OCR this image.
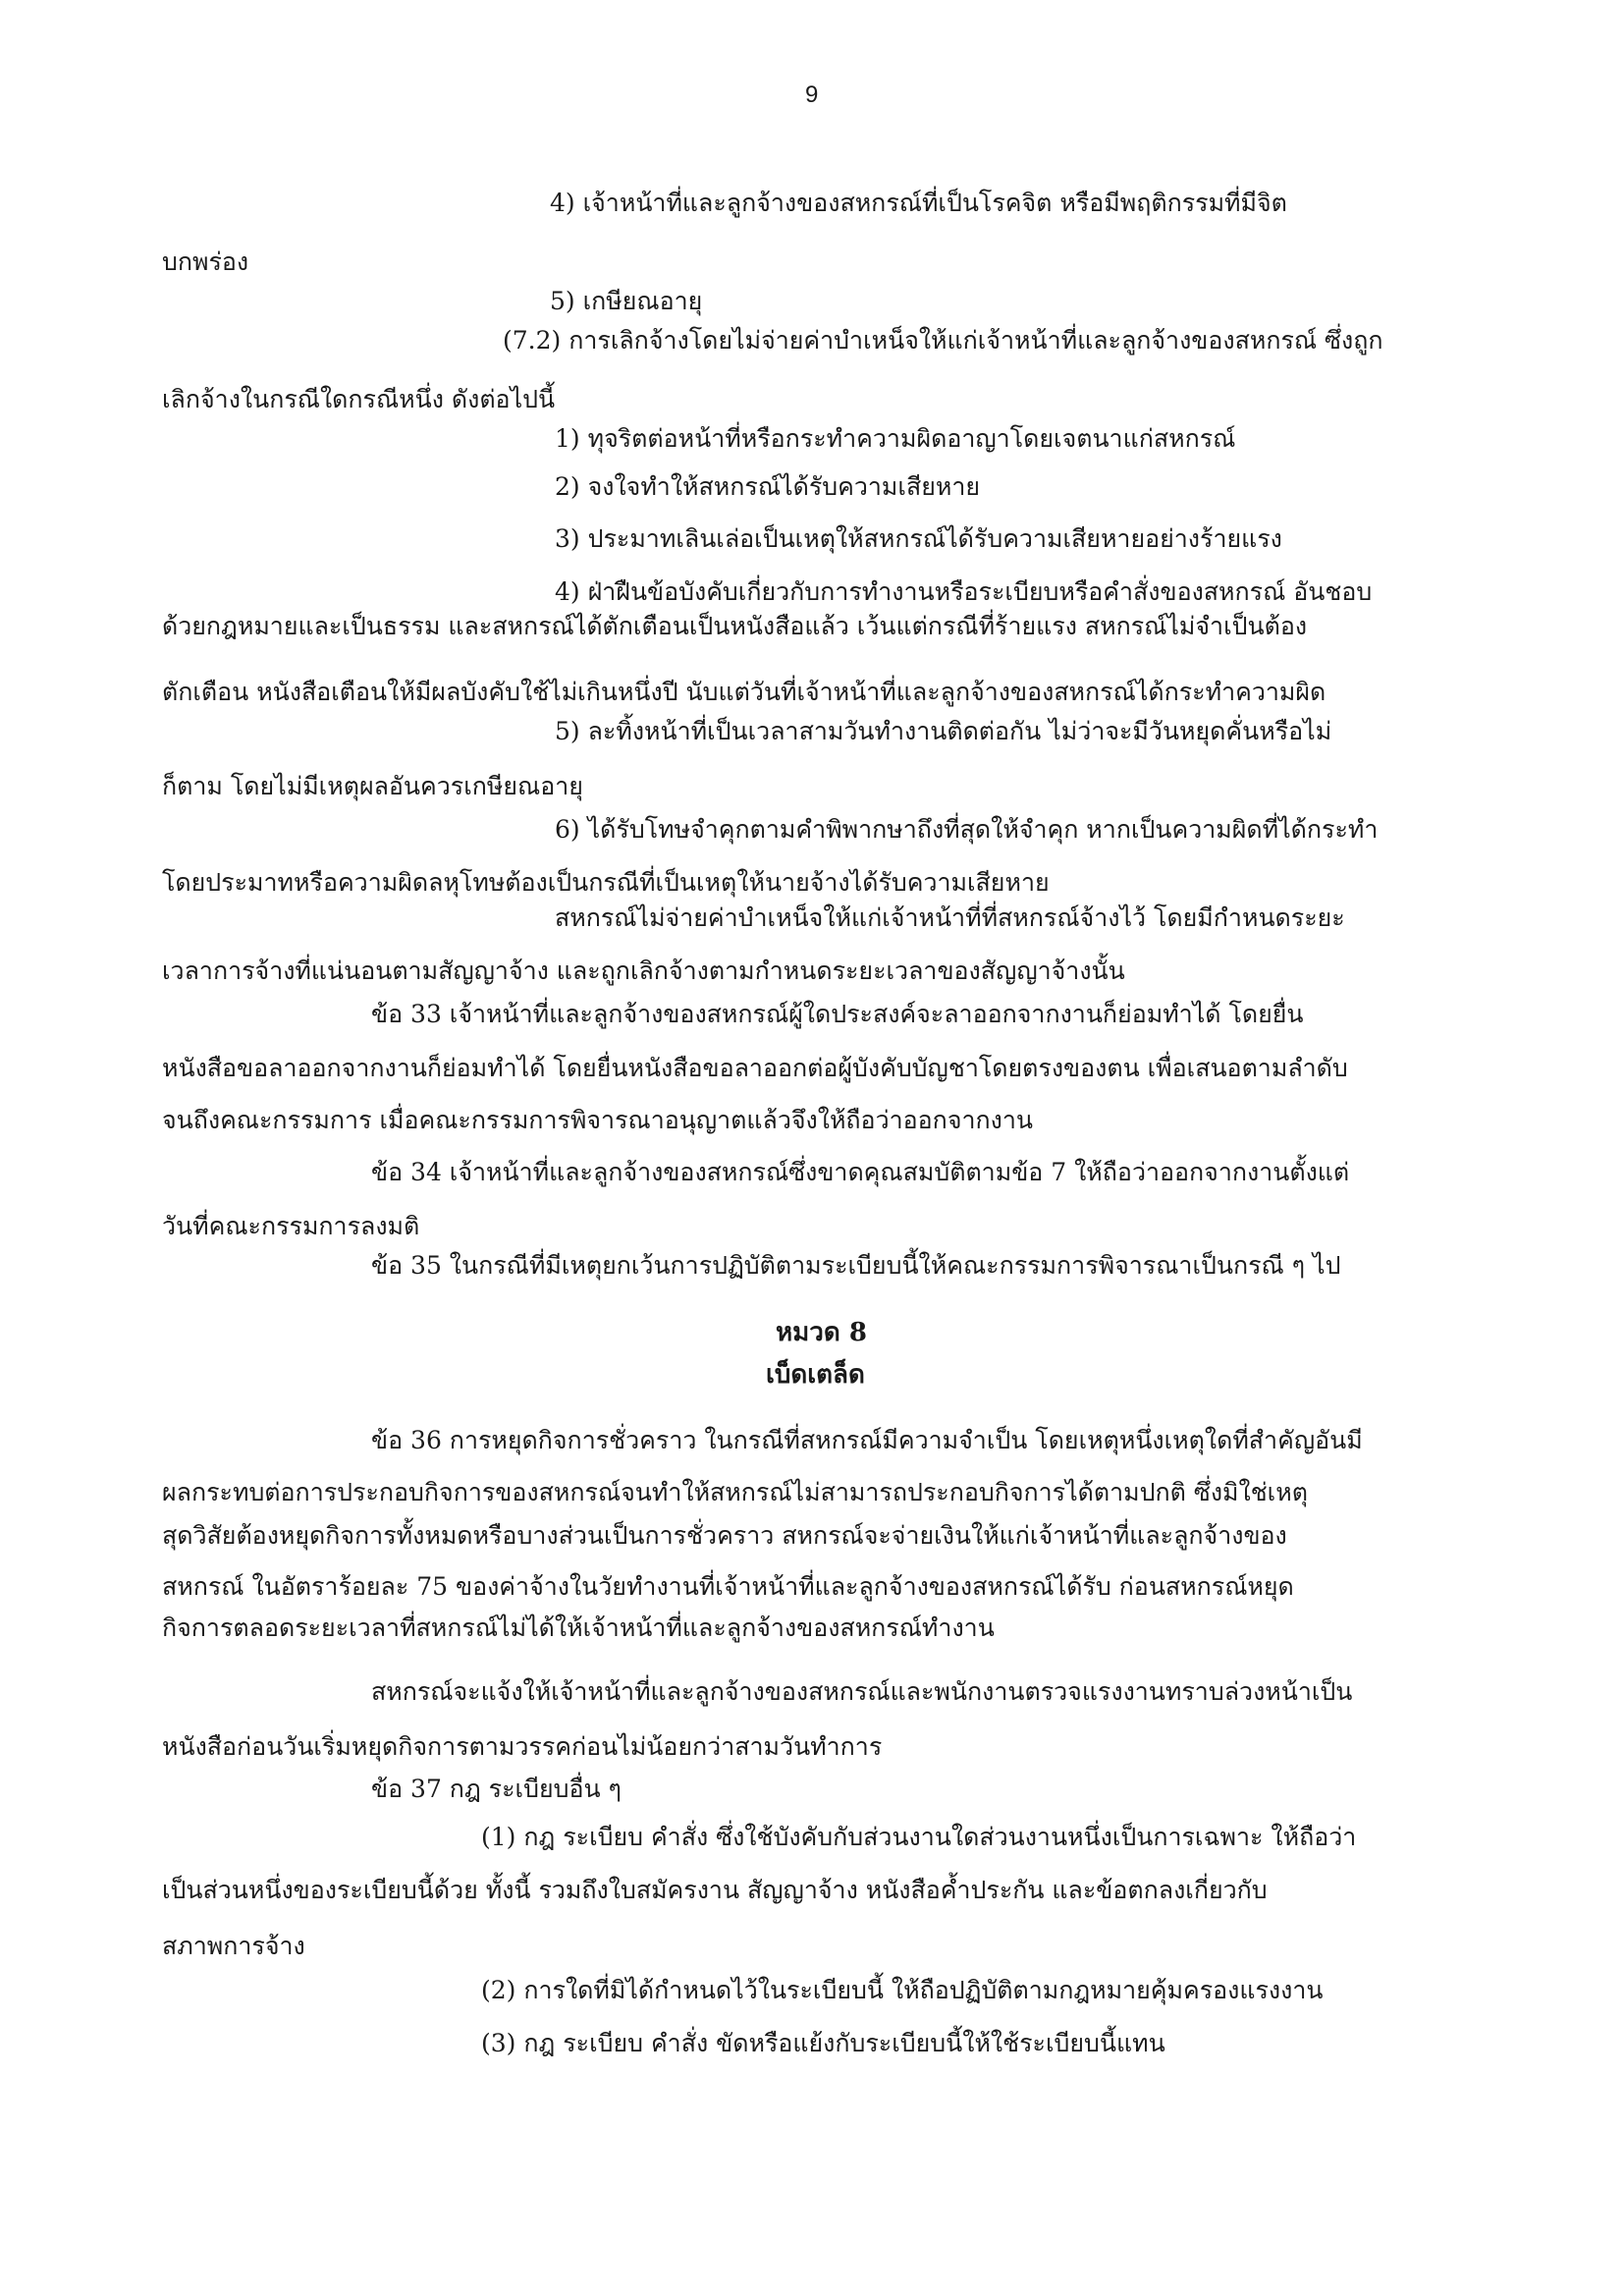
9
4) เจ้าหน้าที่และลูกจ้างของสหกรณ์ที่เป็นโรคจิต หรือมีพฤติกรรมที่มีจิต
บกพร่อง
5) เกษียณอายุ
(7.2) การเลิกจ้างโดยไม่จ่ายค่าบำเหน็จให้แก่เจ้าหน้าที่และลูกจ้างของสหกรณ์ ซึ่งถูก
เลิกจ้างในกรณีใดกรณีหนึ่ง ดังต่อไปนี้
1) ทุจริตต่อหน้าที่หรือกระทำความผิดอาญาโดยเจตนาแก่สหกรณ์
2) จงใจทำให้สหกรณ์ได้รับความเสียหาย
3) ประมาทเลินเล่อเป็นเหตุให้สหกรณ์ได้รับความเสียหายอย่างร้ายแรง
4) ฝ่าฝืนข้อบังคับเกี่ยวกับการทำงานหรือระเบียบหรือคำสั่งของสหกรณ์ อันชอบ
ด้วยกฎหมายและเป็นธรรม และสหกรณ์ได้ตักเตือนเป็นหนังสือแล้ว เว้นแต่กรณีที่ร้ายแรง สหกรณ์ไม่จำเป็นต้อง
ตักเตือน หนังสือเตือนให้มีผลบังคับใช้ไม่เกินหนึ่งปี นับแต่วันที่เจ้าหน้าที่และลูกจ้างของสหกรณ์ได้กระทำความผิด
5) ละทิ้งหน้าที่เป็นเวลาสามวันทำงานติดต่อกัน ไม่ว่าจะมีวันหยุดคั่นหรือไม่
ก็ตาม โดยไม่มีเหตุผลอันควรเกษียณอายุ
6) ได้รับโทษจำคุกตามคำพิพากษาถึงที่สุดให้จำคุก หากเป็นความผิดที่ได้กระทำ
โดยประมาทหรือความผิดลหุโทษต้องเป็นกรณีที่เป็นเหตุให้นายจ้างได้รับความเสียหาย
สหกรณ์ไม่จ่ายค่าบำเหน็จให้แก่เจ้าหน้าที่ที่สหกรณ์จ้างไว้ โดยมีกำหนดระยะ
เวลาการจ้างที่แน่นอนตามสัญญาจ้าง และถูกเลิกจ้างตามกำหนดระยะเวลาของสัญญาจ้างนั้น
ข้อ 33 เจ้าหน้าที่และลูกจ้างของสหกรณ์ผู้ใดประสงค์จะลาออกจากงานก็ย่อมทำได้ โดยยื่น
หนังสือขอลาออกจากงานก็ย่อมทำได้ โดยยื่นหนังสือขอลาออกต่อผู้บังคับบัญชาโดยตรงของตน เพื่อเสนอตามลำดับ
จนถึงคณะกรรมการ เมื่อคณะกรรมการพิจารณาอนุญาตแล้วจึงให้ถือว่าออกจากงาน
ข้อ 34 เจ้าหน้าที่และลูกจ้างของสหกรณ์ซึ่งขาดคุณสมบัติตามข้อ 7 ให้ถือว่าออกจากงานตั้งแต่
วันที่คณะกรรมการลงมติ
ข้อ 35 ในกรณีที่มีเหตุยกเว้นการปฏิบัติตามระเบียบนี้ให้คณะกรรมการพิจารณาเป็นกรณี ๆ ไป
หมวด 8
เบ็ดเตล็ด
ข้อ 36 การหยุดกิจการชั่วคราว ในกรณีที่สหกรณ์มีความจำเป็น โดยเหตุหนึ่งเหตุใดที่สำคัญอันมี
ผลกระทบต่อการประกอบกิจการของสหกรณ์จนทำให้สหกรณ์ไม่สามารถประกอบกิจการได้ตามปกติ ซึ่งมิใช่เหตุ
สุดวิสัยต้องหยุดกิจการทั้งหมดหรือบางส่วนเป็นการชั่วคราว สหกรณ์จะจ่ายเงินให้แก่เจ้าหน้าที่และลูกจ้างของ
สหกรณ์ ในอัตราร้อยละ 75 ของค่าจ้างในวัยทำงานที่เจ้าหน้าที่และลูกจ้างของสหกรณ์ได้รับ ก่อนสหกรณ์หยุด
กิจการตลอดระยะเวลาที่สหกรณ์ไม่ได้ให้เจ้าหน้าที่และลูกจ้างของสหกรณ์ทำงาน
สหกรณ์จะแจ้งให้เจ้าหน้าที่และลูกจ้างของสหกรณ์และพนักงานตรวจแรงงานทราบล่วงหน้าเป็น
หนังสือก่อนวันเริ่มหยุดกิจการตามวรรคก่อนไม่น้อยกว่าสามวันทำการ
ข้อ 37 กฎ ระเบียบอื่น ๆ
(1) กฎ ระเบียบ คำสั่ง ซึ่งใช้บังคับกับส่วนงานใดส่วนงานหนึ่งเป็นการเฉพาะ ให้ถือว่า
เป็นส่วนหนึ่งของระเบียบนี้ด้วย ทั้งนี้ รวมถึงใบสมัครงาน สัญญาจ้าง หนังสือค้ำประกัน และข้อตกลงเกี่ยวกับ
สภาพการจ้าง
(2) การใดที่มิได้กำหนดไว้ในระเบียบนี้ ให้ถือปฏิบัติตามกฎหมายคุ้มครองแรงงาน
(3) กฎ ระเบียบ คำสั่ง ขัดหรือแย้งกับระเบียบนี้ให้ใช้ระเบียบนี้แทน
